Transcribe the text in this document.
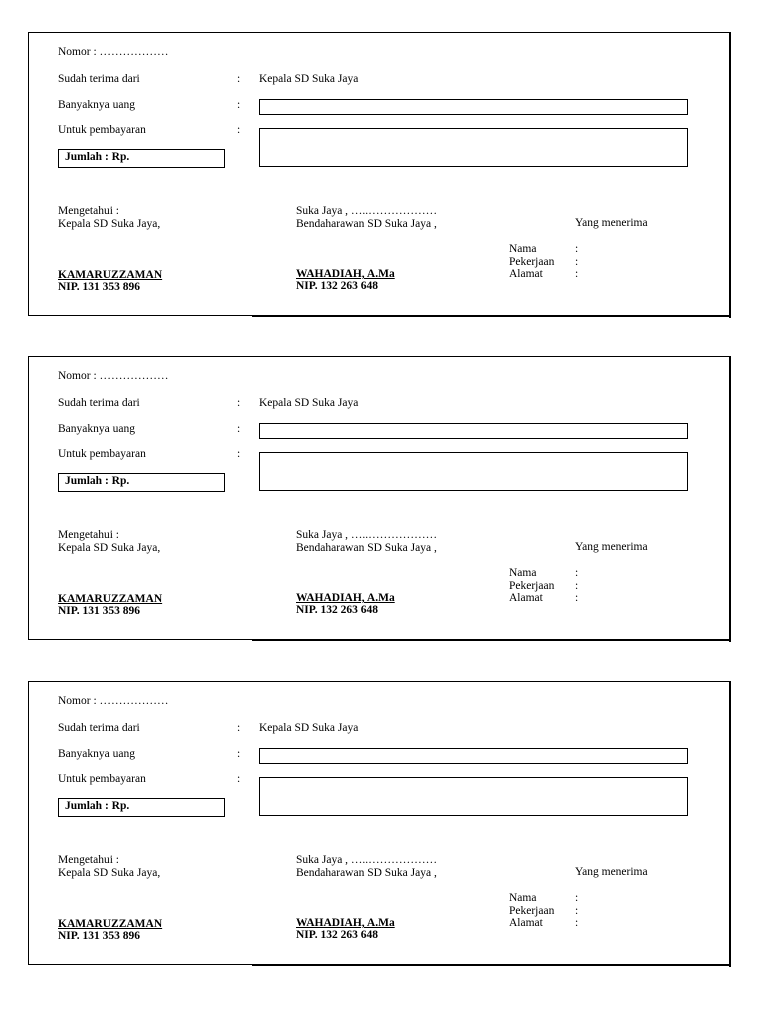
Nomor : ………………
Sudah terima dari	: Kepala SD Suka Jaya
Banyaknya uang	:
Untuk pembayaran	:
Jumlah : Rp.
Mengetahui :
Kepala SD Suka Jaya,
Suka Jaya , …..………………
Bendaharawan SD Suka Jaya ,	Yang menerima
Nama	:
Pekerjaan :
Alamat	:
KAMARUZZAMAN
NIP. 131 353 896
WAHADIAH, A.Ma
NIP. 132 263 648
Nomor : ………………
Sudah terima dari	: Kepala SD Suka Jaya
Banyaknya uang	:
Untuk pembayaran	:
Jumlah : Rp.
Mengetahui :
Kepala SD Suka Jaya,
Suka Jaya , …..………………
Bendaharawan SD Suka Jaya ,	Yang menerima
Nama	:
Pekerjaan :
Alamat	:
KAMARUZZAMAN
NIP. 131 353 896
WAHADIAH, A.Ma
NIP. 132 263 648
Nomor : ………………
Sudah terima dari	: Kepala SD Suka Jaya
Banyaknya uang	:
Untuk pembayaran	:
Jumlah : Rp.
Mengetahui :
Kepala SD Suka Jaya,
Suka Jaya , …..………………
Bendaharawan SD Suka Jaya ,	Yang menerima
Nama	:
Pekerjaan :
Alamat	:
KAMARUZZAMAN
NIP. 131 353 896
WAHADIAH, A.Ma
NIP. 132 263 648
